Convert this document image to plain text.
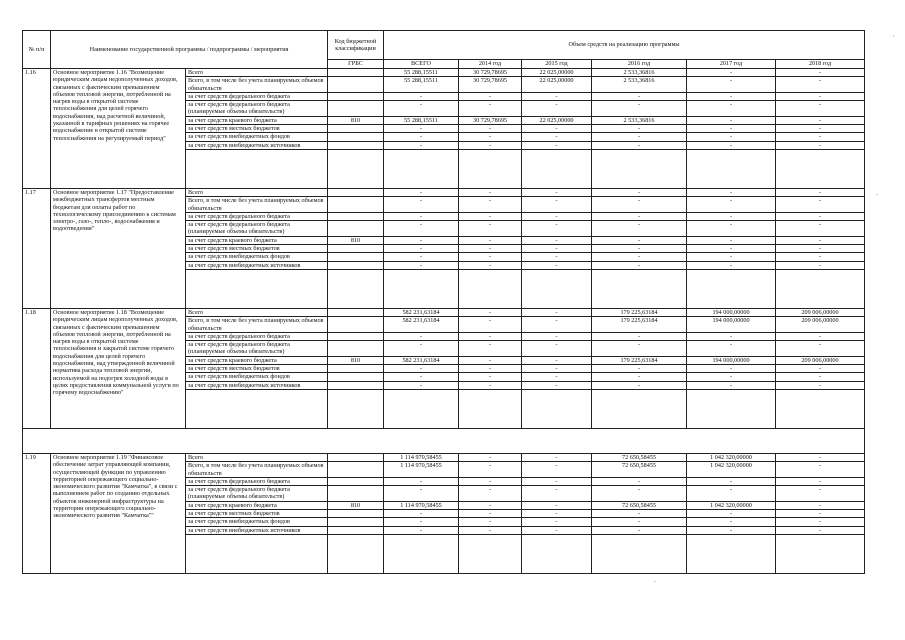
№ п/п	Наименование государственной программы / подпрограммы / мероприятия		Код бюджетной классификации	Объем средств на реализацию программы					
			ГРБС	ВСЕГО	2014 год	2015 год	2016 год	2017 год	2018 год
1.16	Основное мероприятие 1.16 "Возмещение юридическим лицам недополученных доходов, связанных с фактическим превышением объемов тепловой энергии, потребленной на нагрев воды в открытой системе теплоснабжения для целей горячего водоснабжения, над расчетной величиной, указанной в тарифных решениях на горячее водоснабжение в открытой системе теплоснабжения на регулируемый период"	Всего		55 288,15511	30 729,78695	22 025,00000	2 533,36816	-	-
		Всего, в том числе без учета планируемых объемов обязательств		55 288,15511	30 729,78695	22 025,00000	2 533,36816	-	-
		за счет средств федерального бюджета		-	-	-	-	-	-
		за счет средств федерального бюджета (планируемые объемы обязательств)		-	-	-	-	-	-
		за счет средств краевого бюджета	810	55 288,15511	30 729,78695	22 025,00000	2 533,36816	-	-
		за счет средств местных бюджетов		-	-	-	-	-	-
		за счет средств внебюджетных фондов		-	-	-	-	-	-
		за счет средств внебюджетных источников		-	-	-	-	-	-

1.17	Основное мероприятие 1.17 "Предоставление межбюджетных трансфертов местным бюджетам для оплаты работ по технологическому присоединению к системам электро-, газо-, тепло-, водоснабжения и водоотведения"	Всего		-	-	-	-	-	-
		Всего, в том числе без учета планируемых объемов обязательств		-	-	-	-	-	-
		за счет средств федерального бюджета		-	-	-	-	-	-
		за счет средств федерального бюджета (планируемые объемы обязательств)		-	-	-	-	-	-
		за счет средств краевого бюджета	810	-	-	-	-	-	-
		за счет средств местных бюджетов		-	-	-	-	-	-
		за счет средств внебюджетных фондов		-	-	-	-	-	-
		за счет средств внебюджетных источников		-	-	-	-	-	-

1.18	Основное мероприятие 1.18 "Возмещение юридическим лицам недополученных доходов, связанных с фактическим превышением объемов тепловой энергии, потребленной на нагрев воды в открытой системе теплоснабжения и закрытой системе горячего водоснабжения для целей горячего водоснабжения, над утвержденной величиной норматива расхода тепловой энергии, используемой на подогрев холодной воды в целях предоставления коммунальной услуги по горячему водоснабжению"	Всего		582 231,63184	-	-	179 225,63184	194 000,00000	209 006,00000
		Всего, в том числе без учета планируемых объемов обязательств		582 231,63184	-	-	179 225,63184	194 000,00000	209 006,00000
		за счет средств федерального бюджета		-	-	-	-	-	-
		за счет средств федерального бюджета (планируемые объемы обязательств)		-	-	-	-	-	-
		за счет средств краевого бюджета	810	582 231,63184	-	-	179 225,63184	194 000,00000	209 006,00000
		за счет средств местных бюджетов		-	-	-	-	-	-
		за счет средств внебюджетных фондов		-	-	-	-	-	-
		за счет средств внебюджетных источников		-	-	-	-	-	-

1.19	Основное мероприятие 1.19 "Финансовое обеспечение затрат управляющей компании, осуществляющей функции по управлению территорией опережающего социально-экономического развития "Камчатка", в связи с выполнением работ по созданию отдельных объектов инженерной инфраструктуры на территории опережающего социально-экономического развития "Камчатка""	Всего		1 114 970,58455	-	-	72 650,58455	1 042 320,00000	-
		Всего, в том числе без учета планируемых объемов обязательств		1 114 970,58455	-	-	72 650,58455	1 042 320,00000	-
		за счет средств федерального бюджета		-	-	-	-	-	-
		за счет средств федерального бюджета (планируемые объемы обязательств)		-	-	-	-	-	-
		за счет средств краевого бюджета	810	1 114 970,58455	-	-	72 650,58455	1 042 320,00000	-
		за счет средств местных бюджетов		-	-	-	-	-	-
		за счет средств внебюджетных фондов		-	-	-	-	-	-
		за счет средств внебюджетных источников		-	-	-	-	-	-

,
-
-
